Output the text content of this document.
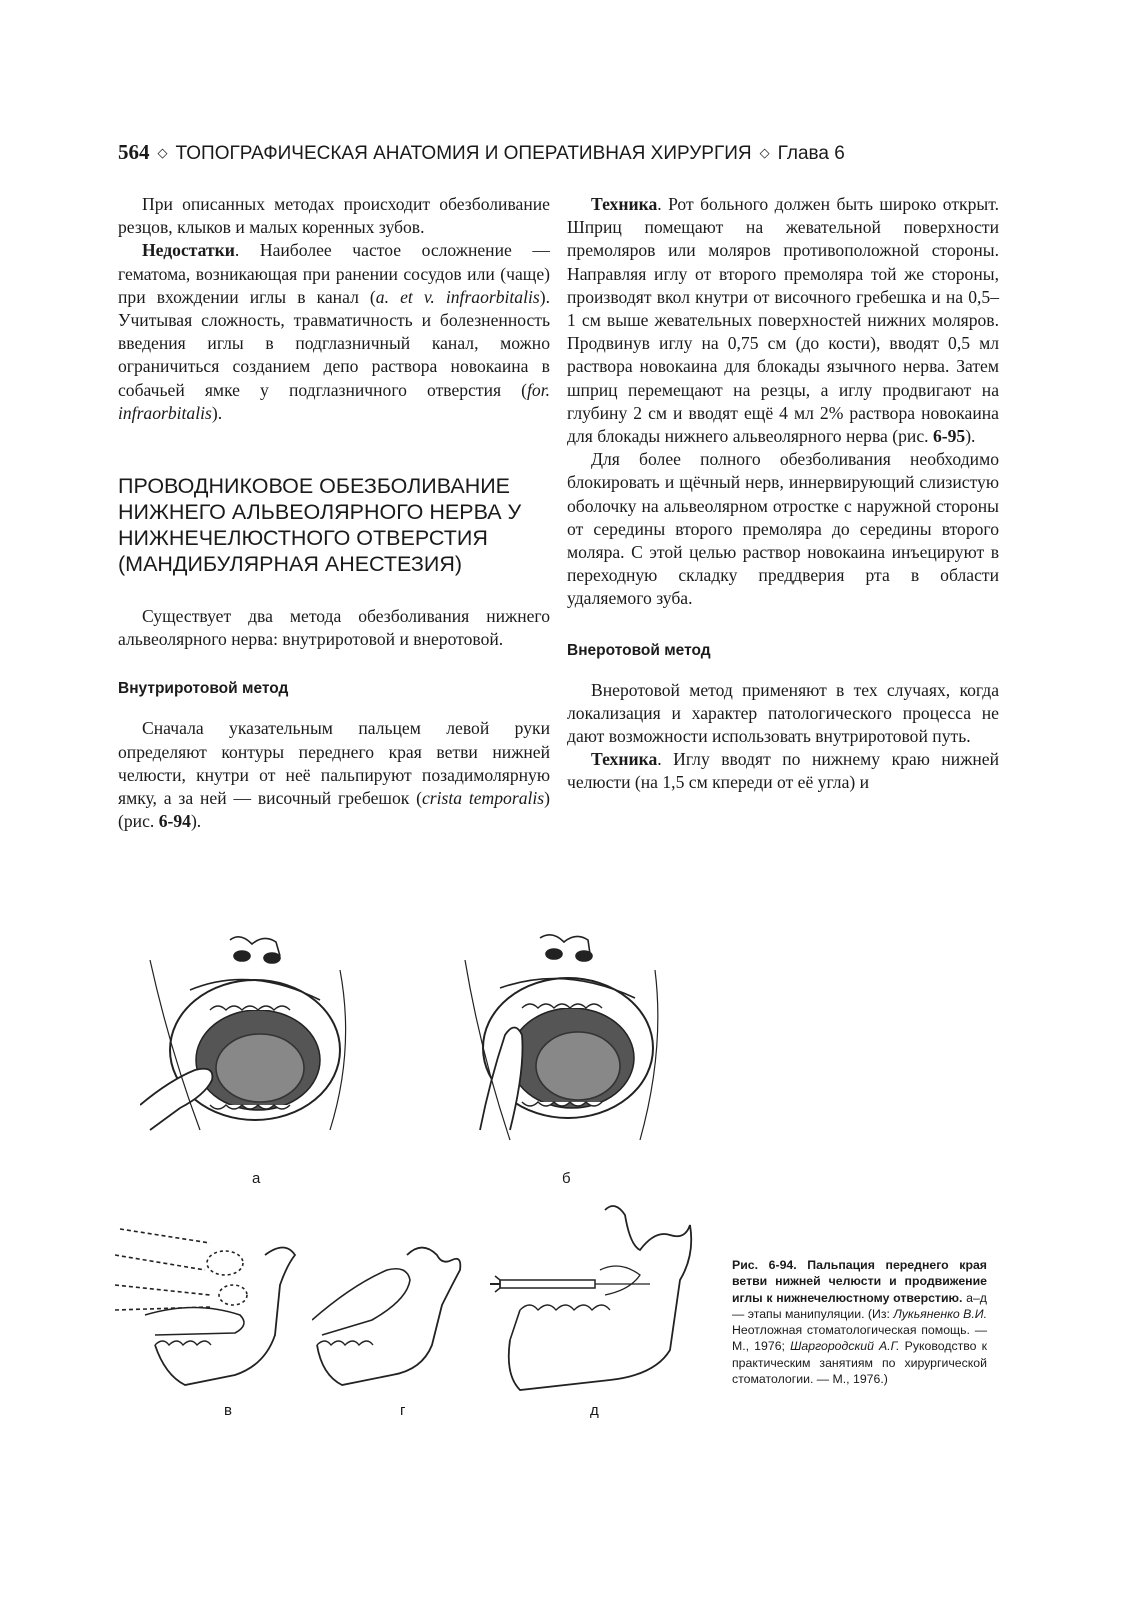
564 ◇ ТОПОГРАФИЧЕСКАЯ АНАТОМИЯ И ОПЕРАТИВНАЯ ХИРУРГИЯ ◇ Глава 6

При описанных методах происходит обезболивание резцов, клыков и малых коренных зубов.

Недостатки. Наиболее частое осложнение — гематома, возникающая при ранении сосудов или (чаще) при вхождении иглы в канал (a. et v. infraorbitalis). Учитывая сложность, травматичность и болезненность введения иглы в подглазничный канал, можно ограничиться созданием депо раствора новокаина в собачьей ямке у подглазничного отверстия (for. infraorbitalis).

ПРОВОДНИКОВОЕ ОБЕЗБОЛИВАНИЕ НИЖНЕГО АЛЬВЕОЛЯРНОГО НЕРВА У НИЖНЕЧЕЛЮСТНОГО ОТВЕРСТИЯ (МАНДИБУЛЯРНАЯ АНЕСТЕЗИЯ)

Существует два метода обезболивания нижнего альвеолярного нерва: внутриротовой и внеротовой.

Внутриротовой метод

Сначала указательным пальцем левой руки определяют контуры переднего края ветви нижней челюсти, кнутри от неё пальпируют позадимолярную ямку, а за ней — височный гребешок (crista temporalis) (рис. 6-94).

Техника. Рот больного должен быть широко открыт. Шприц помещают на жевательной поверхности премоляров или моляров противоположной стороны. Направляя иглу от второго премоляра той же стороны, производят вкол кнутри от височного гребешка и на 0,5–1 см выше жевательных поверхностей нижних моляров. Продвинув иглу на 0,75 см (до кости), вводят 0,5 мл раствора новокаина для блокады язычного нерва. Затем шприц перемещают на резцы, а иглу продвигают на глубину 2 см и вводят ещё 4 мл 2% раствора новокаина для блокады нижнего альвеолярного нерва (рис. 6-95).

Для более полного обезболивания необходимо блокировать и щёчный нерв, иннервирующий слизистую оболочку на альвеолярном отростке с наружной стороны от середины второго премоляра до середины второго моляра. С этой целью раствор новокаина инъецируют в переходную складку преддверия рта в области удаляемого зуба.

Внеротовой метод

Внеротовой метод применяют в тех случаях, когда локализация и характер патологического процесса не дают возможности использовать внутриротовой путь.

Техника. Иглу вводят по нижнему краю нижней челюсти (на 1,5 см кпереди от её угла) и

а	б
в	г	д
Рис. 6-94. Пальпация переднего края ветви нижней челюсти и продвижение иглы к нижнечелюстному отверстию. а–д — этапы манипуляции. (Из: Лукьяненко В.И. Неотложная стоматологическая помощь. — М., 1976; Шаргородский А.Г. Руководство к практическим занятиям по хирургической стоматологии. — М., 1976.)
